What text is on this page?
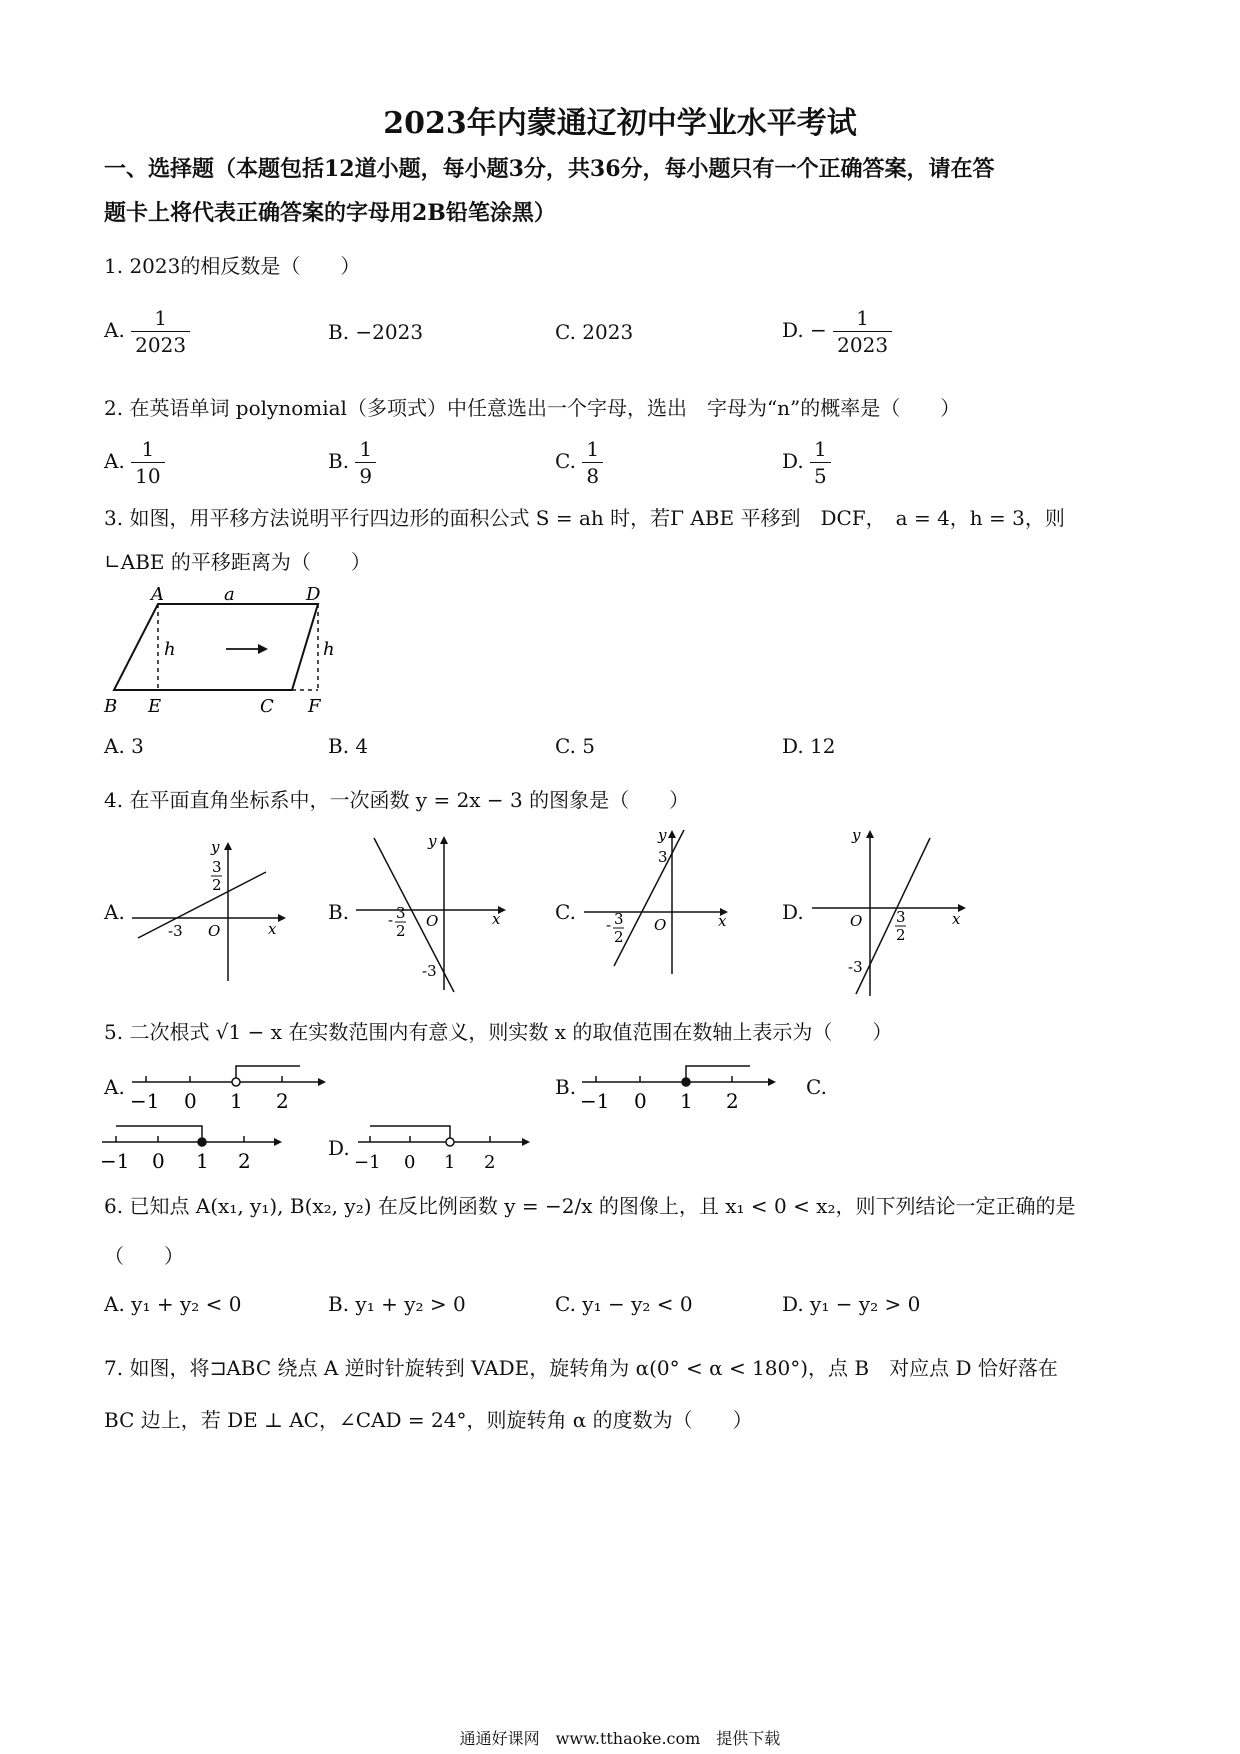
2023年内蒙通辽初中学业水平考试
一、选择题（本题包括12道小题，每小题3分，共36分，每小题只有一个正确答案，请在答
题卡上将代表正确答案的字母用2B铅笔涂黑）
1. 2023的相反数是（　　）
A. $\frac{1}{2023}$	B. −2023	C. 2023	D. − $\frac{1}{2023}$
2. 在英语单词 polynomial（多项式）中任意选出一个字母，选出　字母为“n”的概率是（　　）
A. $\frac{1}{10}$	B. $\frac{1}{9}$	C. $\frac{1}{8}$	D. $\frac{1}{5}$
3. 如图，用平移方法说明平行四边形的面积公式 S = ah 时，若Γ ABE 平移到　DCF，　a = 4，h = 3，则
∟ABE 的平移距离为（　　）
A	a	D
h	h
B E	C F
A. 3	B. 4	C. 5	D. 12
4. 在平面直角坐标系中，一次函数 y = 2x − 3 的图象是（　　）
A.
y
3
2
-3 O	x
B.
y
- 3
2
O	x
-3
C.
y
3
- 3
2
O	x	D.
y
O 3
2
-3
x
5. 二次根式 √1 − x 在实数范围内有意义，则实数 x 的取值范围在数轴上表示为（　　）
A.
−1 0 1 2
B.
−1 0 1 2
C.
−1 0 1 2
D.
−1 0 1 2
6. 已知点 A(x₁, y₁), B(x₂, y₂) 在反比例函数 y = −2/x 的图像上，且 x₁ < 0 < x₂，则下列结论一定正确的是
（　　）
A. y₁ + y₂ < 0	B. y₁ + y₂ > 0	C. y₁ − y₂ < 0	D. y₁ − y₂ > 0
7. 如图，将⊐ABC 绕点 A 逆时针旋转到 VADE，旋转角为 α(0° < α < 180°)，点 B　对应点 D 恰好落在
BC 边上，若 DE ⊥ AC，∠CAD = 24°，则旋转角 α 的度数为（　　）
通通好课网　www.tthaoke.com　提供下载
